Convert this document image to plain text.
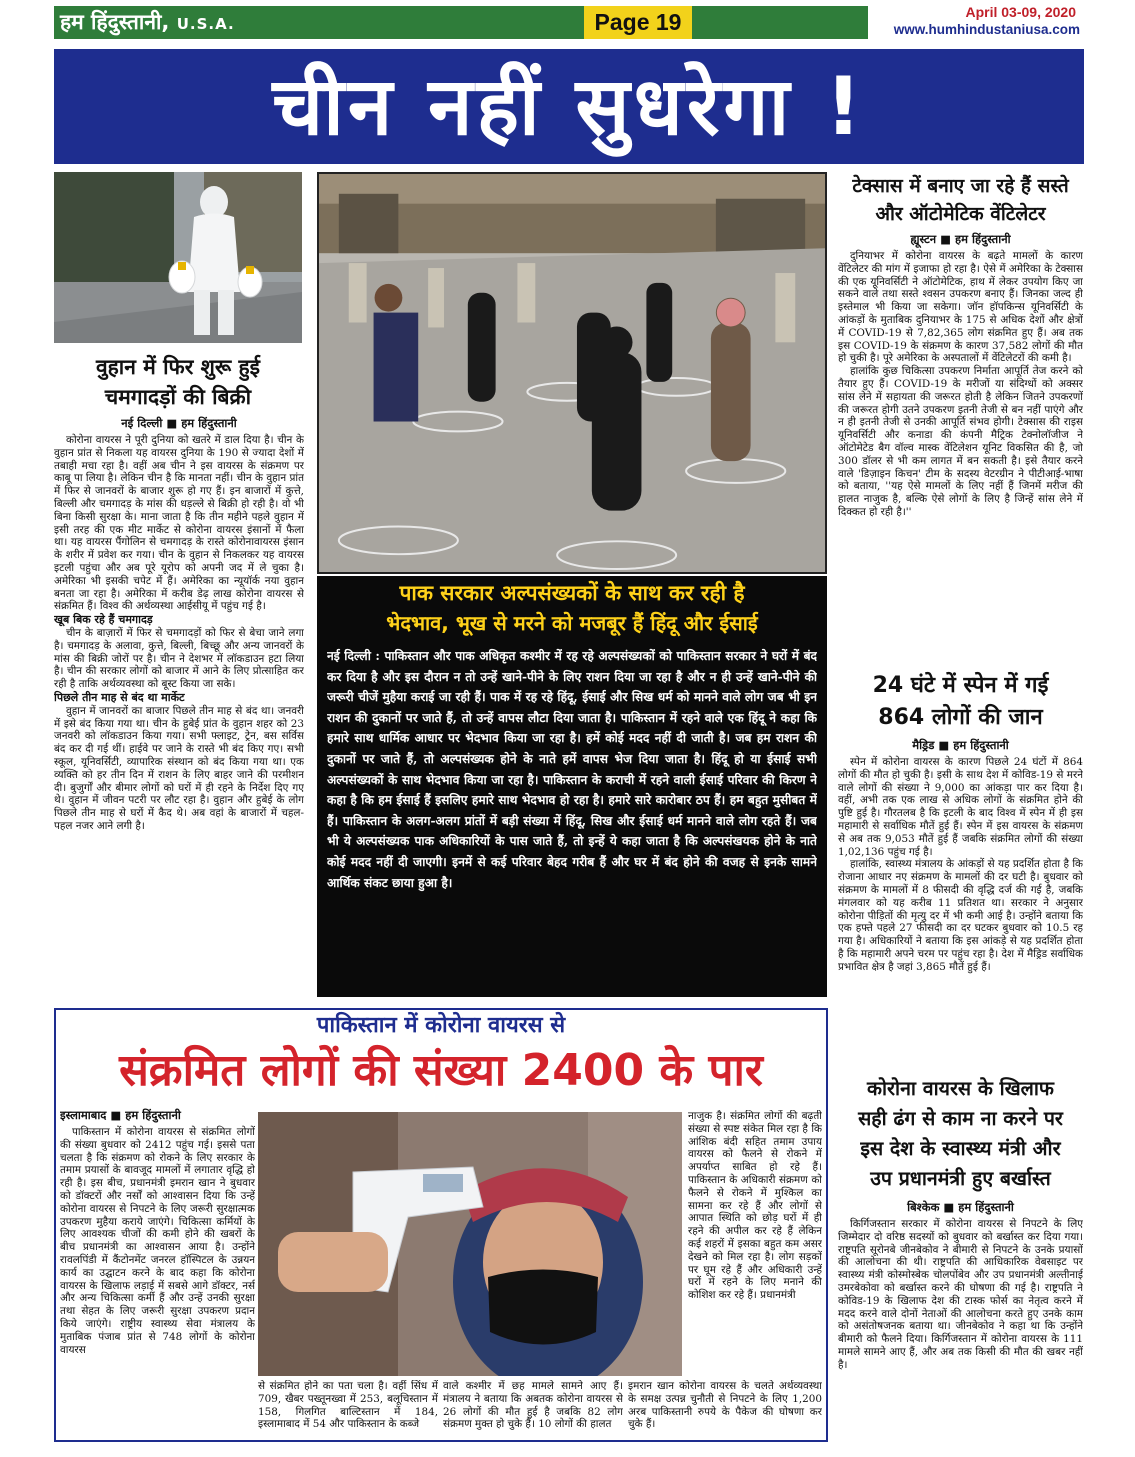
हम हिंदुस्तानी, U.S.A.	Page 19	April 03-09, 2020
www.humhindustaniusa.com
चीन नहीं सुधरेगा !
पाक सरकार अल्पसंख्यकों के साथ कर रही है
भेदभाव, भूख से मरने को मजबूर हैं हिंदू और ईसाई
नई दिल्ली : पाकिस्तान और पाक अधिकृत कश्मीर में रह रहे अल्पसंख्यकों को पाकिस्तान सरकार ने घरों में बंद कर दिया है और इस दौरान न तो उन्हें खाने-पीने के लिए राशन दिया जा रहा है और न ही उन्हें खाने-पीने की जरूरी चीजें मुहैया कराई जा रही हैं। पाक में रह रहे हिंदू, ईसाई और सिख धर्म को मानने वाले लोग जब भी इन राशन की दुकानों पर जाते हैं, तो उन्हें वापस लौटा दिया जाता है। पाकिस्तान में रहने वाले एक हिंदू ने कहा कि हमारे साथ धार्मिक आधार पर भेदभाव किया जा रहा है। हमें कोई मदद नहीं दी जाती है। जब हम राशन की दुकानों पर जाते हैं, तो अल्पसंख्यक होने के नाते हमें वापस भेज दिया जाता है। हिंदू हो या ईसाई सभी अल्पसंख्यकों के साथ भेदभाव किया जा रहा है। पाकिस्तान के कराची में रहने वाली ईसाई परिवार की किरण ने कहा है कि हम ईसाई हैं इसलिए हमारे साथ भेदभाव हो रहा है। हमारे सारे कारोबार ठप हैं। हम बहुत मुसीबत में हैं। पाकिस्तान के अलग-अलग प्रांतों में बड़ी संख्या में हिंदू, सिख और ईसाई धर्म मानने वाले लोग रहते हैं। जब भी ये अल्पसंख्यक पाक अधिकारियों के पास जाते हैं, तो इन्हें ये कहा जाता है कि अल्पसंखयक होने के नाते कोई मदद नहीं दी जाएगी। इनमें से कई परिवार बेहद गरीब हैं और घर में बंद होने की वजह से इनके सामने आर्थिक संकट छाया हुआ है।
वुहान में फिर शुरू हुई
चमगादड़ों की बिक्री
नई दिल्ली ■ हम हिंदुस्तानी

कोरोना वायरस ने पूरी दुनिया को खतरे में डाल दिया है। चीन के वुहान प्रांत से निकला यह वायरस दुनिया के 190 से ज्यादा देशों में तबाही मचा रहा है। वहीं अब चीन ने इस वायरस के संक्रमण पर काबू पा लिया है। लेकिन चीन है कि मानता नहीं। चीन के वुहान प्रांत में फिर से जानवरों के बाजार शुरू हो गए हैं। इन बाजारों में कुत्ते, बिल्ली और चमगादड़ के मांस की धड़ल्ले से बिक्री हो रही है। वो भी बिना किसी सुरक्षा के। माना जाता है कि तीन महीने पहले वुहान में इसी तरह की एक मीट मार्केट से कोरोना वायरस इंसानों में फैला था। यह वायरस पैंगोलिन से चमगादड़ के रास्ते कोरोनावायरस इंसान के शरीर में प्रवेश कर गया। चीन के वुहान से निकलकर यह वायरस इटली पहुंचा और अब पूरे यूरोप को अपनी जद में ले चुका है। अमेरिका भी इसकी चपेट में हैं। अमेरिका का न्यूयॉर्क नया वुहान बनता जा रहा है। अमेरिका में करीब डेढ़ लाख कोरोना वायरस से संक्रमित हैं। विश्व की अर्थव्यस्था आईसीयू में पहुंच गई है।

खूब बिक रहे हैं चमगादड़

चीन के बाज़ारों में फिर से चमगादड़ों को फिर से बेचा जाने लगा है। चमगादड़ के अलावा, कुत्ते, बिल्ली, बिच्छू और अन्य जानवरों के मांस की बिक्री जोरों पर है। चीन ने देशभर में लॉकडाउन हटा लिया है। चीन की सरकार लोगों को बाजार में आने के लिए प्रोत्साहित कर रही है ताकि अर्थव्यवस्था को बूस्ट किया जा सके।

पिछले तीन माह से बंद था मार्केट

वुहान में जानवरों का बाजार पिछले तीन माह से बंद था। जनवरी में इसे बंद किया गया था। चीन के हुबेई प्रांत के वुहान शहर को 23 जनवरी को लॉकडाउन किया गया। सभी फ्लाइट, ट्रेन, बस सर्विस बंद कर दी गई थीं। हाईवे पर जाने के रास्ते भी बंद किए गए। सभी स्कूल, यूनिवर्सिटी, व्यापारिक संस्थान को बंद किया गया था। एक व्यक्ति को हर तीन दिन में राशन के लिए बाहर जाने की परमीशन दी। बुजुर्गों और बीमार लोगों को घरों में ही रहने के निर्देश दिए गए थे। वुहान में जीवन पटरी पर लौट रहा है। वुहान और हुबेई के लोग पिछले तीन माह से घरों में कैद थे। अब वहां के बाजारों में चहल-पहल नजर आने लगी है।

टेक्सास में बनाए जा रहे हैं सस्ते
और ऑटोमेटिक वेंटिलेटर
ह्यूस्टन ■ हम हिंदुस्तानी

दुनियाभर में कोरोना वायरस के बढ़ते मामलों के कारण वेंटिलेटर की मांग में इजाफा हो रहा है। ऐसे में अमेरिका के टेक्सास की एक यूनिवर्सिटी ने ऑटोमेटिक, हाथ में लेकर उपयोग किए जा सकने वाले तथा सस्ते श्वसन उपकरण बनाए हैं। जिनका जल्द ही इस्तेमाल भी किया जा सकेगा। जॉन हॉपकिन्स यूनिवर्सिटी के आंकड़ों के मुताबिक दुनियाभर के 175 से अधिक देशों और क्षेत्रों में COVID-19 से 7,82,365 लोग संक्रमित हुए हैं। अब तक इस COVID-19 के संक्रमण के कारण 37,582 लोगों की मौत हो चुकी है। पूरे अमेरिका के अस्पतालों में वेंटिलेटरों की कमी है।

हालांकि कुछ चिकित्सा उपकरण निर्माता आपूर्ति तेज करने को तैयार हुए हैं। COVID-19 के मरीजों या संदिग्धों को अक्सर सांस लेने में सहायता की जरूरत होती है लेकिन जितने उपकरणों की जरूरत होगी उतने उपकरण इतनी तेजी से बन नहीं पाएंगे और न ही इतनी तेजी से उनकी आपूर्ति संभव होगी। टेक्सास की राइस यूनिवर्सिटी और कनाडा की कंपनी मैट्रिक टेक्नोलॉजीज ने ऑटोमेटेड बैग वॉल्व मास्क वेंटिलेशन यूनिट विकसित की है, जो 300 डॉलर से भी कम लागत में बन सकती है। इसे तैयार करने वाले 'डिज़ाइन किचन' टीम के सदस्य वेटरग्रीन ने पीटीआई-भाषा को बताया, ''यह ऐसे मामलों के लिए नहीं हैं जिनमें मरीज की हालत नाजुक है, बल्कि ऐसे लोगों के लिए है जिन्हें सांस लेने में दिक्कत हो रही है।''

24 घंटे में स्पेन में गई
864 लोगों की जान
मैड्रिड ■ हम हिंदुस्तानी

स्पेन में कोरोना वायरस के कारण पिछले 24 घंटों में 864 लोगों की मौत हो चुकी है। इसी के साथ देश में कोविड-19 से मरने वाले लोगों की संख्या ने 9,000 का आंकड़ा पार कर दिया है। वहीं, अभी तक एक लाख से अधिक लोगों के संक्रमित होने की पुष्टि हुई है। गौरतलब है कि इटली के बाद विश्व में स्पेन में ही इस महामारी से सर्वाधिक मौतें हुई हैं। स्पेन में इस वायरस के संक्रमण से अब तक 9,053 मौतें हुई हैं जबकि संक्रमित लोगों की संख्या 1,02,136 पहुंच गई है।

हालांकि, स्वास्थ्य मंत्रालय के आंकड़ों से यह प्रदर्शित होता है कि रोजाना आधार नए संक्रमण के मामलों की दर घटी है। बुधवार को संक्रमण के मामलों में 8 फीसदी की वृद्धि दर्ज की गई है, जबकि मंगलवार को यह करीब 11 प्रतिशत था। सरकार ने अनुसार कोरोना पीड़ितों की मृत्यु दर में भी कमी आई है। उन्होंने बताया कि एक हफ्ते पहले 27 फीसदी का दर घटकर बुधवार को 10.5 रह गया है। अधिकारियों ने बताया कि इस आंकड़े से यह प्रदर्शित होता है कि महामारी अपने चरम पर पहुंच रहा है। देश में मैड्रिड सर्वाधिक प्रभावित क्षेत्र है जहां 3,865 मौतें हुई हैं।

कोरोना वायरस के खिलाफ
सही ढंग से काम ना करने पर
इस देश के स्वास्थ्य मंत्री और
उप प्रधानमंत्री हुए बर्खास्त
बिश्केक ■ हम हिंदुस्तानी

किर्गिजस्तान सरकार में कोरोना वायरस से निपटने के लिए जिम्मेदार दो वरिष्ठ सदस्यों को बुधवार को बर्खास्त कर दिया गया। राष्ट्रपति सूरोनबे जीनबेकोव ने बीमारी से निपटने के उनके प्रयासों की आलोचना की थी। राष्ट्रपति की आधिकारिक वेबसाइट पर स्वास्थ्य मंत्री कोस्मोस्बेक चोलपोंबेव और उप प्रधानमंत्री अल्तीनाई उमरबेकोवा को बर्खास्त करने की घोषणा की गई है। राष्ट्रपति ने कोविड-19 के खिलाफ देश की टास्क फोर्स का नेतृत्व करने में मदद करने वाले दोनों नेताओं की आलोचना करते हुए उनके काम को असंतोषजनक बताया था। जीनबेकोव ने कहा था कि उन्होंने बीमारी को फैलने दिया। किर्गिजस्तान में कोरोना वायरस के 111 मामले सामने आए हैं, और अब तक किसी की मौत की खबर नहीं है।

पाकिस्तान में कोरोना वायरस से
संक्रमित लोगों की संख्या 2400 के पार
इस्लामाबाद ■ हम हिंदुस्तानी

पाकिस्तान में कोरोना वायरस से संक्रमित लोगों की संख्या बुधवार को 2412 पहुंच गई। इससे पता चलता है कि संक्रमण को रोकने के लिए सरकार के तमाम प्रयासों के बावजूद मामलों में लगातार वृद्धि हो रही है। इस बीच, प्रधानमंत्री इमरान खान ने बुधवार को डॉक्टरों और नर्सों को आश्वासन दिया कि उन्हें कोरोना वायरस से निपटने के लिए जरूरी सुरक्षात्मक उपकरण मुहैया कराये जाएंगे। चिकित्सा कर्मियों के लिए आवश्यक चीजों की कमी होने की खबरों के बीच प्रधानमंत्री का आश्वासन आया है। उन्होंने रावलपिंडी में कैंटोनमेंट जनरल हॉस्पिटल के उन्नयन कार्य का उद्घाटन करने के बाद कहा कि कोरोना वायरस के खिलाफ लड़ाई में सबसे आगे डॉक्टर, नर्स और अन्य चिकित्सा कर्मी हैं और उन्हें उनकी सुरक्षा तथा सेहत के लिए जरूरी सुरक्षा उपकरण प्रदान किये जाएंगे। राष्ट्रीय स्वास्थ्य सेवा मंत्रालय के मुताबिक पंजाब प्रांत से 748 लोगों के कोरोना वायरस

नाजुक है। संक्रमित लोगों की बढ़ती संख्या से स्पष्ट संकेत मिल रहा है कि आंशिक बंदी सहित तमाम उपाय वायरस को फैलने से रोकने में अपर्याप्त साबित हो रहे हैं। पाकिस्तान के अधिकारी संक्रमण को फैलने से रोकने में मुश्किल का सामना कर रहे हैं और लोगों से आपात स्थिति को छोड़ घरों में ही रहने की अपील कर रहे हैं लेकिन कई शहरों में इसका बहुत कम असर देखने को मिल रहा है। लोग सड़कों पर घूम रहे हैं और अधिकारी उन्हें घरों में रहने के लिए मनाने की कोशिश कर रहे हैं। प्रधानमंत्री

से संक्रमित होने का पता चला है। वहीं सिंध में 709, खैबर पख्तूनख्वा में 253, बलूचिस्तान में 158, गिलगित बाल्टिस्तान में 184, इस्लामाबाद में 54 और पाकिस्तान के कब्जे

वाले कश्मीर में छह मामले सामने आए हैं। मंत्रालय ने बताया कि अबतक कोरोना वायरस से 26 लोगों की मौत हुई है जबकि 82 लोग संक्रमण मुक्त हो चुके हैं। 10 लोगों की हालत

इमरान खान कोरोना वायरस के चलते अर्थव्यवस्था के समक्ष उत्पन्न चुनौती से निपटने के लिए 1,200 अरब पाकिस्तानी रुपये के पैकेज की घोषणा कर चुके हैं।
